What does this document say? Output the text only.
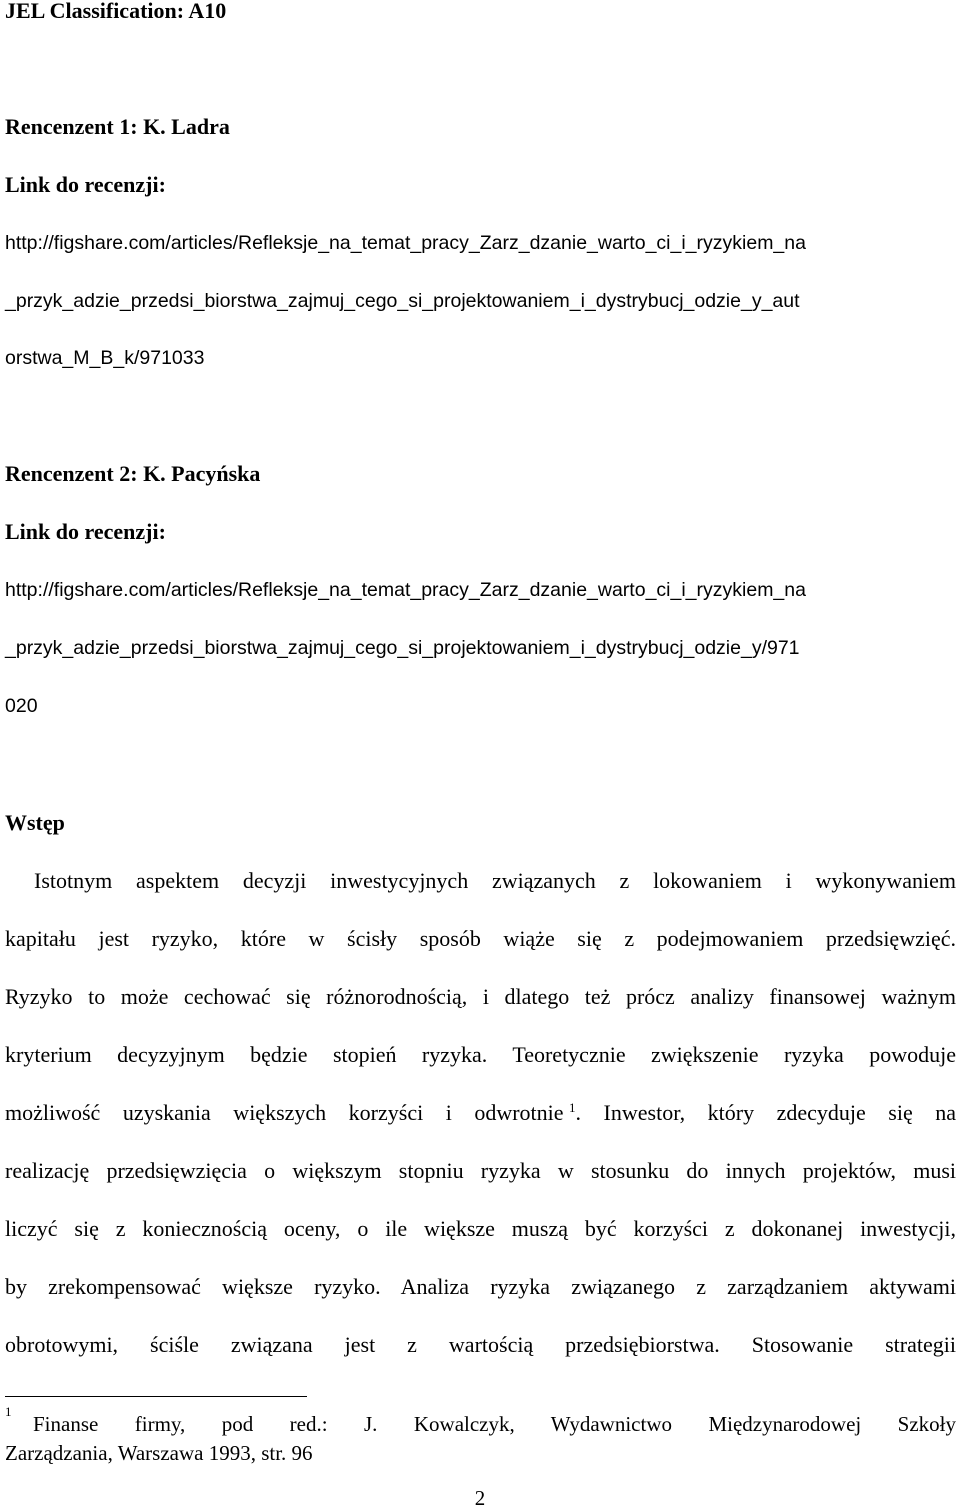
JEL Classification: A10
Rencenzent 1: K. Ladra
Link do recenzji:
http://figshare.com/articles/Refleksje_na_temat_pracy_Zarz_dzanie_warto_ci_i_ryzykiem_na
_przyk_adzie_przedsi_biorstwa_zajmuj_cego_si_projektowaniem_i_dystrybucj_odzie_y_aut
orstwa_M_B_k/971033
Rencenzent 2: K. Pacyńska
Link do recenzji:
http://figshare.com/articles/Refleksje_na_temat_pracy_Zarz_dzanie_warto_ci_i_ryzykiem_na
_przyk_adzie_przedsi_biorstwa_zajmuj_cego_si_projektowaniem_i_dystrybucj_odzie_y/971
020
Wstęp
Istotnym aspektem decyzji inwestycyjnych związanych z lokowaniem i wykonywaniem
kapitału jest ryzyko, które w ścisły sposób wiąże się z podejmowaniem przedsięwzięć.
Ryzyko to może cechować się różnorodnością, i dlatego też prócz analizy finansowej ważnym
kryterium decyzyjnym będzie stopień ryzyka. Teoretycznie zwiększenie ryzyka powoduje
możliwość uzyskania większych korzyści i odwrotnie  $^1$. Inwestor, który zdecyduje się na
realizację przedsięwzięcia o większym stopniu ryzyka w stosunku do innych projektów, musi
liczyć się z koniecznością oceny, o ile większe muszą być korzyści z dokonanej inwestycji,
by zrekompensować większe ryzyko. Analiza ryzyka związanego z zarządzaniem aktywami
obrotowymi, ściśle związana jest z wartością przedsiębiorstwa. Stosowanie strategii
1
Finanse firmy, pod red.: J. Kowalczyk, Wydawnictwo Międzynarodowej Szkoły
Zarządzania, Warszawa 1993, str. 96
2
